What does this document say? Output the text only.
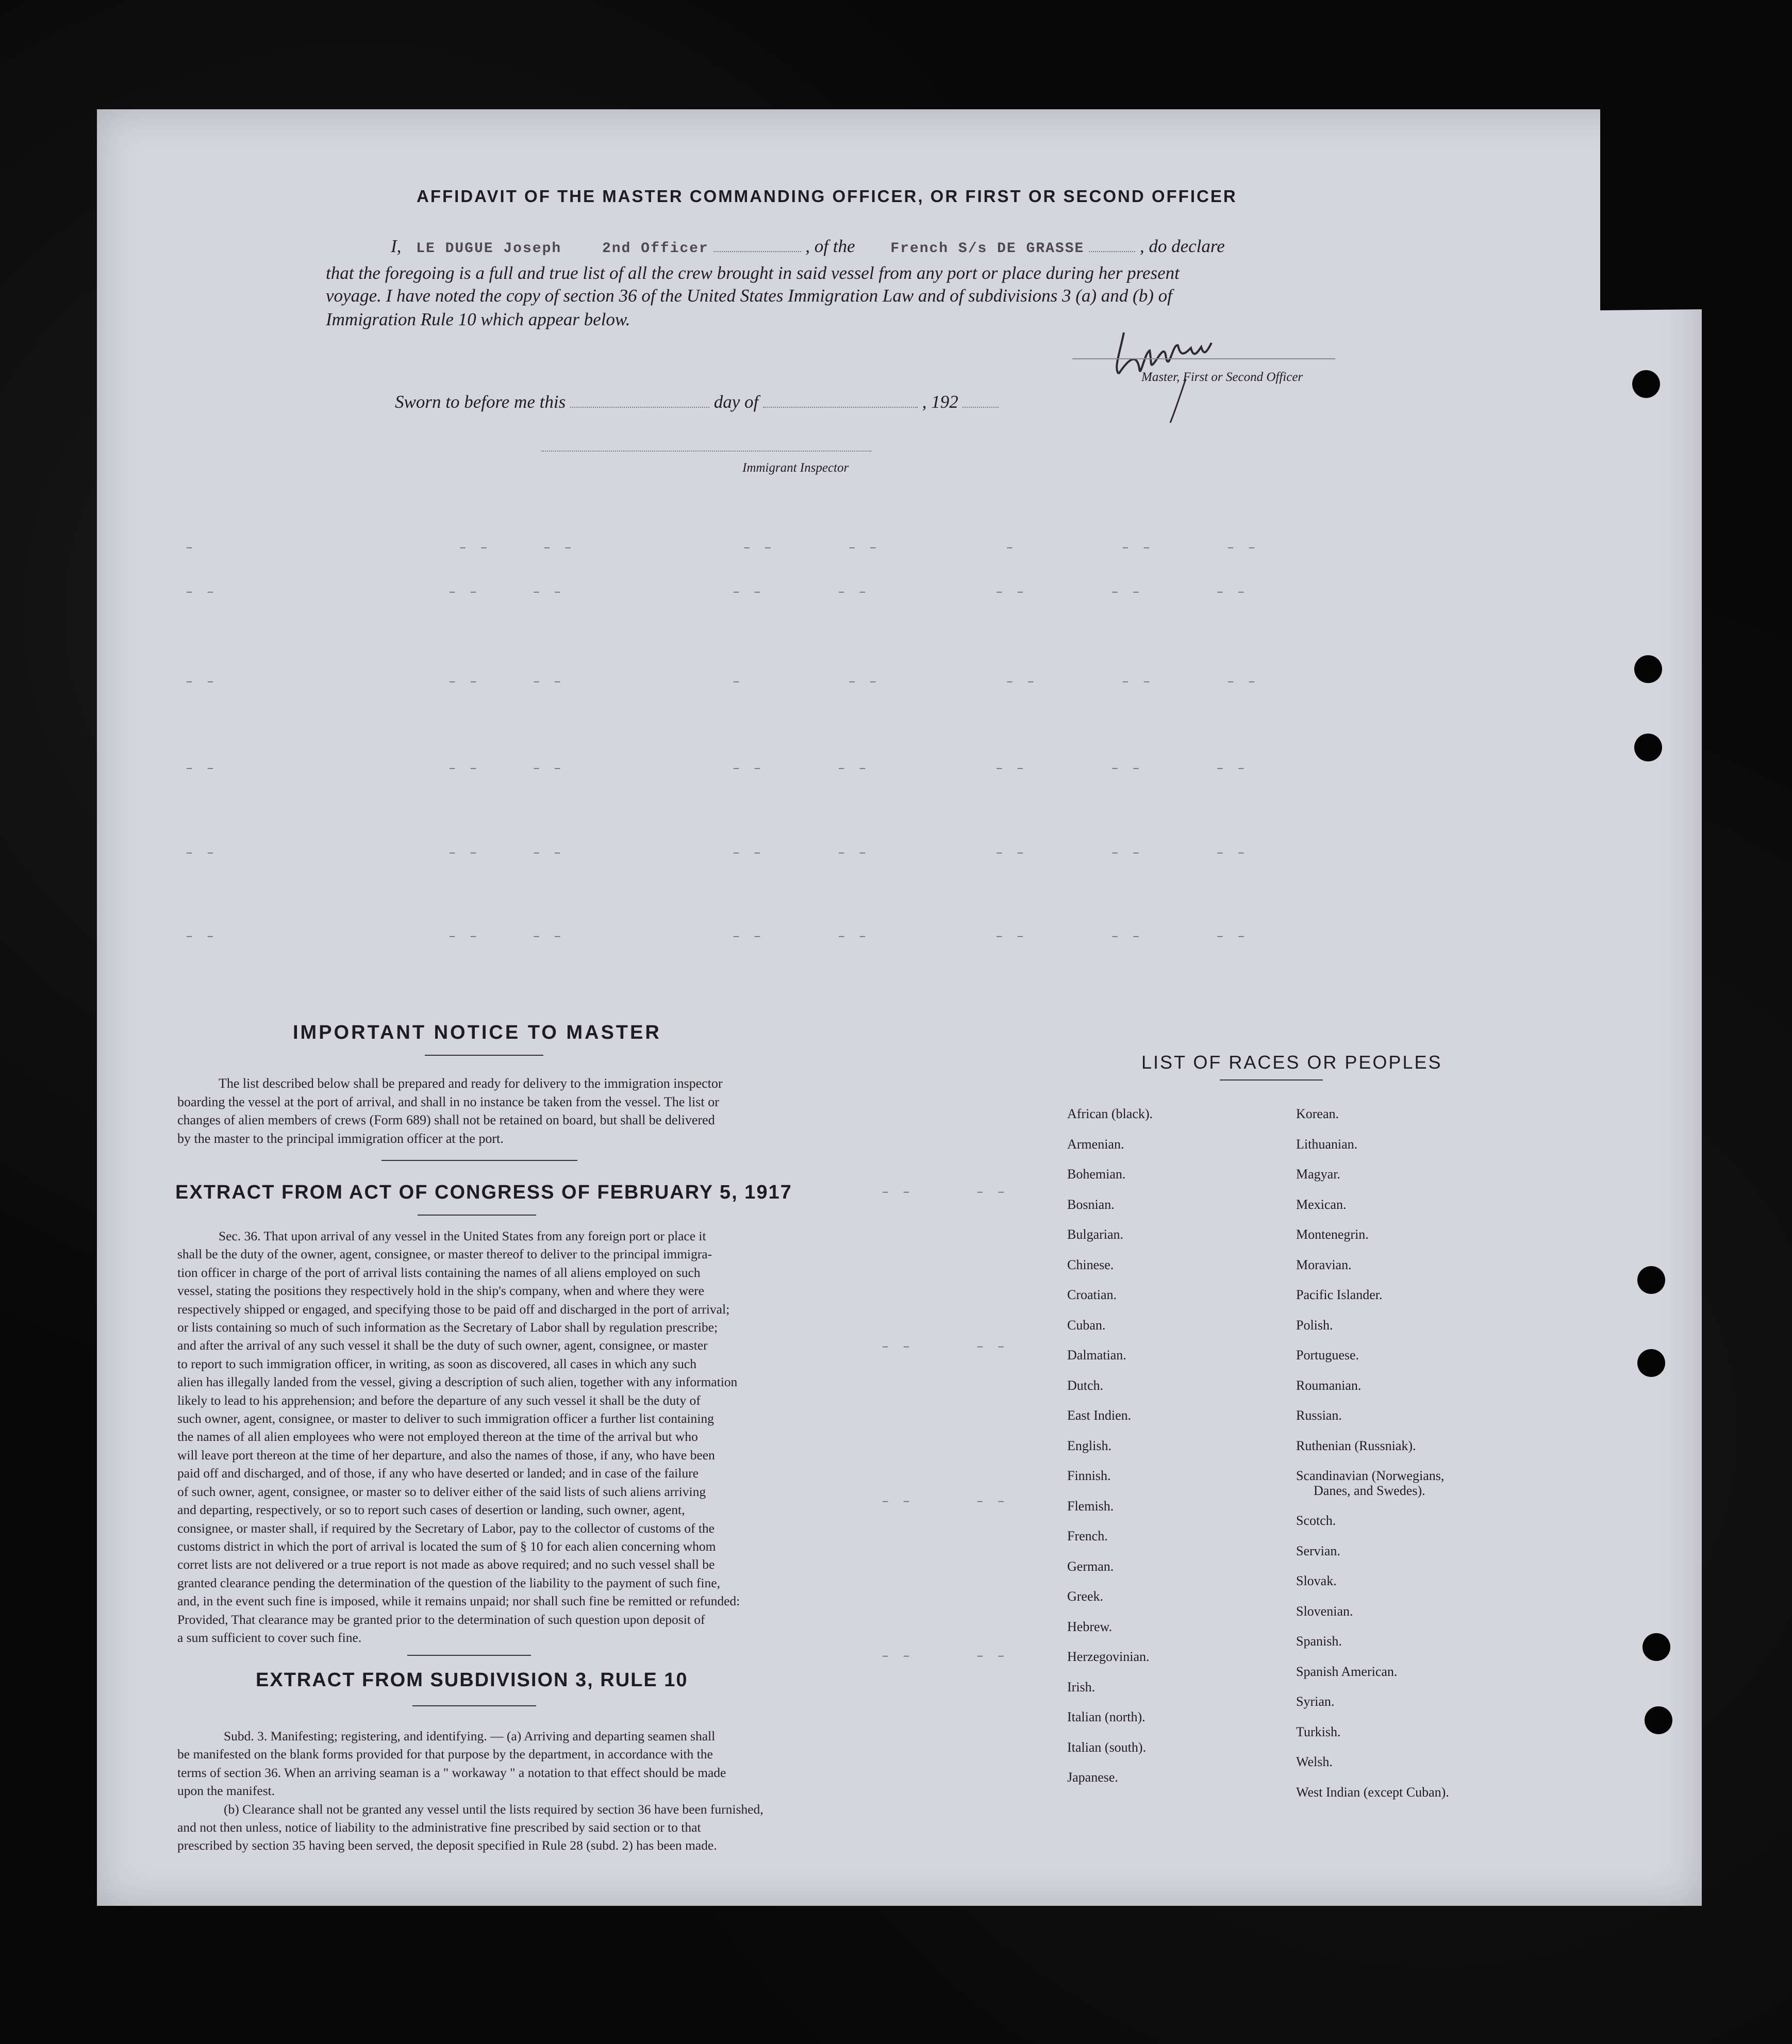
AFFIDAVIT OF THE MASTER COMMANDING OFFICER, OR FIRST OR SECOND OFFICER
I, LE DUGUE Joseph	2nd Officer	, of the French S/s DE GRASSE	, do declare
that the foregoing is a full and true list of all the crew brought in said vessel from any port or place during her present
voyage. I have noted the copy of section 36 of the United States Immigration Law and of subdivisions 3 (a) and (b) of
Immigration Rule 10 which appear below.
Master, First or Second Officer
Sworn to before me this	day of	, 192
Immigrant Inspector
–                         – –     – –                – –       – –            –          – –       – –
– –                      – –     – –                – –       – –            – –        – –       – –
– –                      – –     – –                –          – –            – –        – –       – –
– –                      – –     – –                – –       – –            – –        – –       – –
– –                      – –     – –                – –       – –            – –        – –       – –
– –                      – –     – –                – –       – –            – –        – –       – –
– –      – –
– –      – –
– –      – –
– –      – –
IMPORTANT NOTICE TO MASTER
The list described below shall be prepared and ready for delivery to the immigration inspector
boarding the vessel at the port of arrival, and shall in no instance be taken from the vessel. The list or
changes of alien members of crews (Form 689) shall not be retained on board, but shall be delivered
by the master to the principal immigration officer at the port.
EXTRACT FROM ACT OF CONGRESS OF FEBRUARY 5, 1917
Sec. 36. That upon arrival of any vessel in the United States from any foreign port or place it
shall be the duty of the owner, agent, consignee, or master thereof to deliver to the principal immigra-
tion officer in charge of the port of arrival lists containing the names of all aliens employed on such
vessel, stating the positions they respectively hold in the ship's company, when and where they were
respectively shipped or engaged, and specifying those to be paid off and discharged in the port of arrival;
or lists containing so much of such information as the Secretary of Labor shall by regulation prescribe;
and after the arrival of any such vessel it shall be the duty of such owner, agent, consignee, or master
to report to such immigration officer, in writing, as soon as discovered, all cases in which any such
alien has illegally landed from the vessel, giving a description of such alien, together with any information
likely to lead to his apprehension; and before the departure of any such vessel it shall be the duty of
such owner, agent, consignee, or master to deliver to such immigration officer a further list containing
the names of all alien employees who were not employed thereon at the time of the arrival but who
will leave port thereon at the time of her departure, and also the names of those, if any, who have been
paid off and discharged, and of those, if any who have deserted or landed; and in case of the failure
of such owner, agent, consignee, or master so to deliver either of the said lists of such aliens arriving
and departing, respectively, or so to report such cases of desertion or landing, such owner, agent,
consignee, or master shall, if required by the Secretary of Labor, pay to the collector of customs of the
customs district in which the port of arrival is located the sum of § 10 for each alien concerning whom
corret lists are not delivered or a true report is not made as above required; and no such vessel shall be
granted clearance pending the determination of the question of the liability to the payment of such fine,
and, in the event such fine is imposed, while it remains unpaid; nor shall such fine be remitted or refunded:
Provided, That clearance may be granted prior to the determination of such question upon deposit of
a sum sufficient to cover such fine.
EXTRACT FROM SUBDIVISION 3, RULE 10
Subd. 3. Manifesting; registering, and identifying. — (a) Arriving and departing seamen shall
be manifested on the blank forms provided for that purpose by the department, in accordance with the
terms of section 36. When an arriving seaman is a " workaway " a notation to that effect should be made
upon the manifest.
(b) Clearance shall not be granted any vessel until the lists required by section 36 have been furnished,
and not then unless, notice of liability to the administrative fine prescribed by said section or to that
prescribed by section 35 having been served, the deposit specified in Rule 28 (subd. 2) has been made.
LIST OF RACES OR PEOPLES
African (black).
Armenian.
Bohemian.
Bosnian.
Bulgarian.
Chinese.
Croatian.
Cuban.
Dalmatian.
Dutch.
East Indien.
English.
Finnish.
Flemish.
French.
German.
Greek.
Hebrew.
Herzegovinian.
Irish.
Italian (north).
Italian (south).
Japanese.
Korean.
Lithuanian.
Magyar.
Mexican.
Montenegrin.
Moravian.
Pacific Islander.
Polish.
Portuguese.
Roumanian.
Russian.
Ruthenian (Russniak).
Scandinavian (Norwegians,
Danes, and Swedes).
Scotch.
Servian.
Slovak.
Slovenian.
Spanish.
Spanish American.
Syrian.
Turkish.
Welsh.
West Indian (except Cuban).
